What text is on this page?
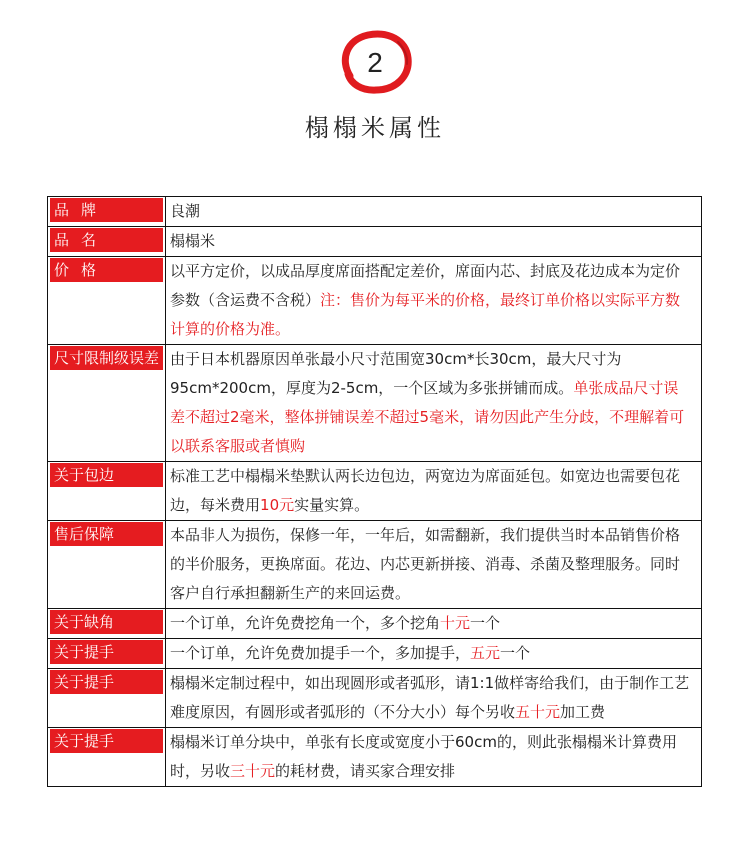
2
榻榻米属性
品牌	良潮

品名	榻榻米

价格	以平方定价，以成品厚度席面搭配定差价，席面内芯、封底及花边成本为定价参数（含运费不含税）注：售价为每平米的价格，最终订单价格以实际平方数计算的价格为准。

尺寸限制级误差	由于日本机器原因单张最小尺寸范围宽30cm*长30cm，最大尺寸为95cm*200cm，厚度为2-5cm，一个区域为多张拼铺而成。单张成品尺寸误差不超过2毫米，整体拼铺误差不超过5毫米，请勿因此产生分歧，不理解着可以联系客服或者慎购

关于包边	标准工艺中榻榻米垫默认两长边包边，两宽边为席面延包。如宽边也需要包花边，每米费用10元实量实算。

售后保障	本品非人为损伤，保修一年，一年后，如需翻新，我们提供当时本品销售价格的半价服务，更换席面。花边、内芯更新拼接、消毒、杀菌及整理服务。同时客户自行承担翻新生产的来回运费。

关于缺角	一个订单，允许免费挖角一个，多个挖角十元一个

关于提手	一个订单，允许免费加提手一个，多加提手，五元一个

关于提手	榻榻米定制过程中，如出现圆形或者弧形，请1:1做样寄给我们，由于制作工艺难度原因，有圆形或者弧形的（不分大小）每个另收五十元加工费

关于提手	榻榻米订单分块中，单张有长度或宽度小于60cm的，则此张榻榻米计算费用时，另收三十元的耗材费，请买家合理安排
